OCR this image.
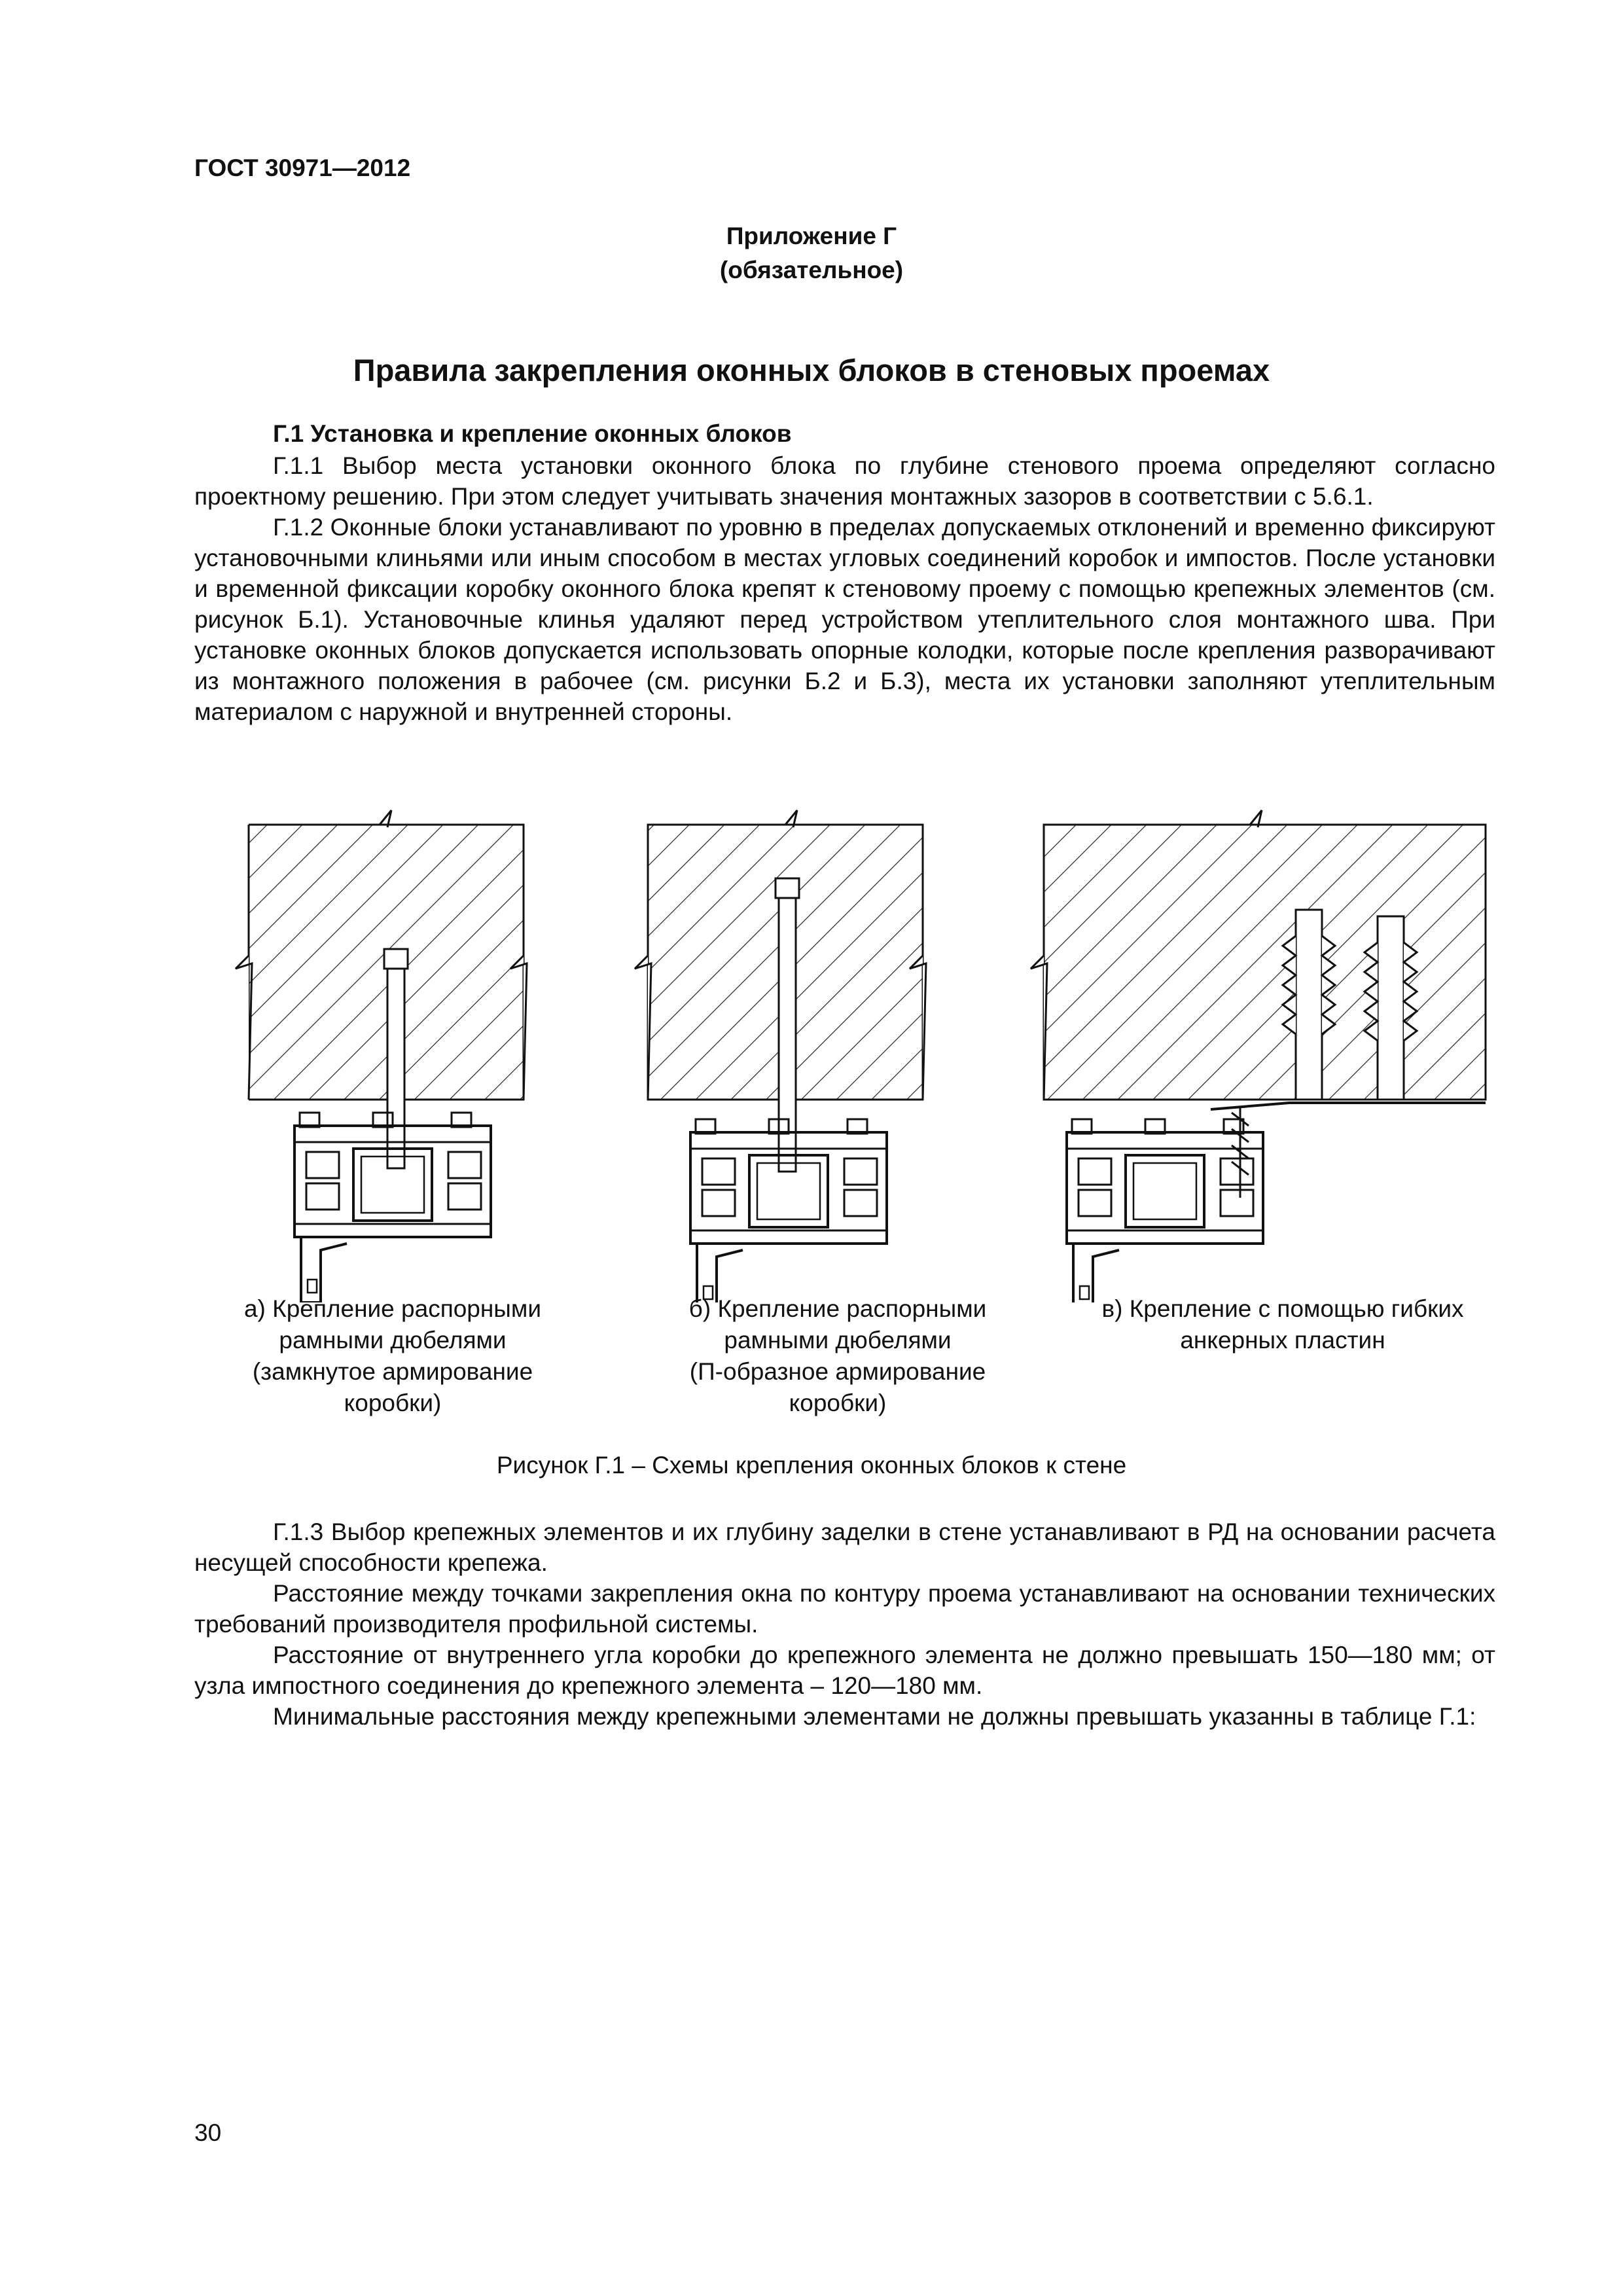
ГОСТ 30971—2012
Приложение Г
(обязательное)
Правила закрепления оконных блоков в стеновых проемах
Г.1 Установка и крепление оконных блоков

Г.1.1 Выбор места установки оконного блока по глубине стенового проема определяют согласно проектному решению. При этом следует учитывать значения монтажных зазоров в соответствии с 5.6.1.

Г.1.2 Оконные блоки устанавливают по уровню в пределах допускаемых отклонений и временно фиксируют установочными клиньями или иным способом в местах угловых соединений коробок и импостов. После установки и временной фиксации коробку оконного блока крепят к стеновому проему с помощью крепежных элементов (см. рисунок Б.1). Установочные клинья удаляют перед устройством утеплительного слоя монтажного шва. При установке оконных блоков допускается использовать опорные колодки, которые после крепления разворачивают из монтажного положения в рабочее (см. рисунки Б.2 и Б.3), места их установки заполняют утеплительным материалом с наружной и внутренней стороны.

а) Крепление распорными
рамными дюбелями
(замкнутое армирование
коробки)
б) Крепление распорными
рамными дюбелями
(П-образное армирование
коробки)
в) Крепление с помощью гибких
анкерных пластин
Рисунок Г.1 – Схемы крепления оконных блоков к стене

Г.1.3 Выбор крепежных элементов и их глубину заделки в стене устанавливают в РД на основании расчета несущей способности крепежа.

Расстояние между точками закрепления окна по контуру проема устанавливают на основании технических требований производителя профильной системы.

Расстояние от внутреннего угла коробки до крепежного элемента не должно превышать 150—180 мм; от узла импостного соединения до крепежного элемента – 120—180 мм.

Минимальные расстояния между крепежными элементами не должны превышать указанны в таблице Г.1:

30
